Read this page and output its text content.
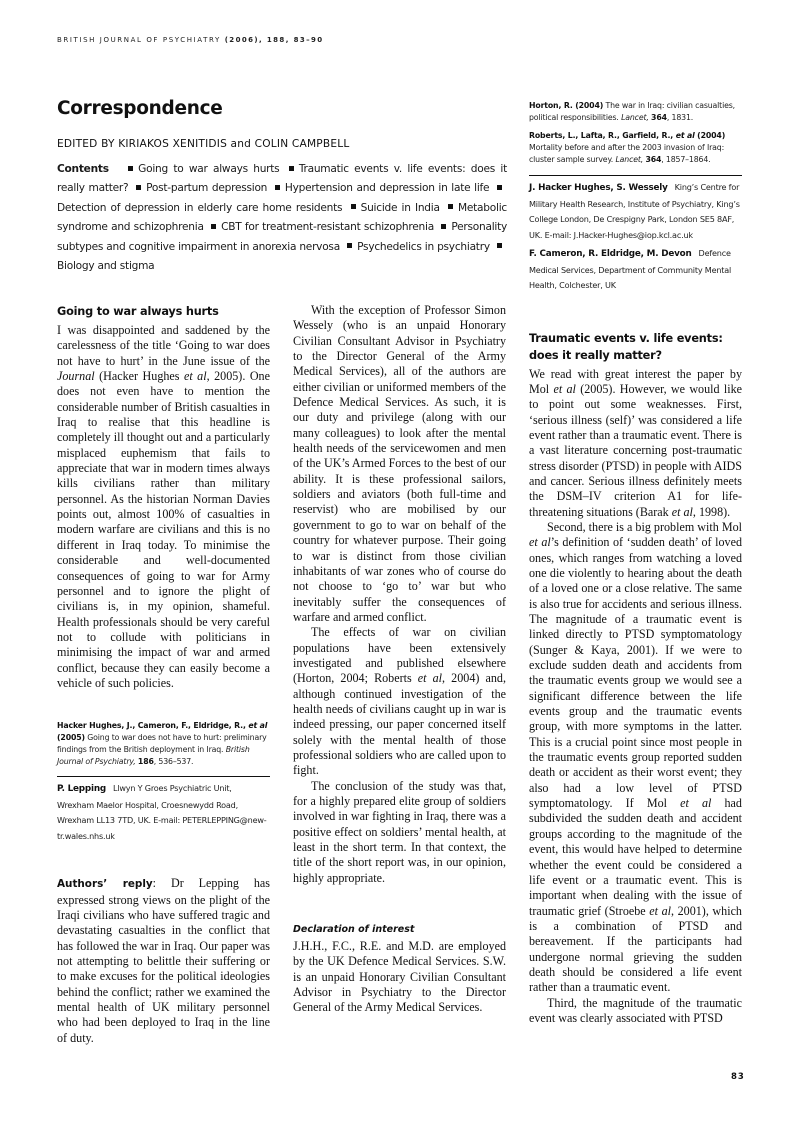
BRITISH JOURNAL OF PSYCHIATRY (2006), 188, 83–90
Correspondence
EDITED BY KIRIAKOS XENITIDIS and COLIN CAMPBELL
Contents	Going to war always hurts Traumatic events v. life events: does it really matter? Post-partum depression Hypertension and depression in late life Detection of depression in elderly care home residents Suicide in India Metabolic syndrome and schizophrenia CBT for treatment-resistant schizophrenia Personality subtypes and cognitive impairment in anorexia nervosa Psychedelics in psychiatry Biology and stigma
Going to war always hurts

I was disappointed and saddened by the carelessness of the title ‘Going to war does not have to hurt’ in the June issue of the Journal (Hacker Hughes et al, 2005). One does not even have to mention the considerable number of British casualties in Iraq to realise that this headline is completely ill thought out and a particularly misplaced euphemism that fails to appreciate that war in modern times always kills civilians rather than military personnel. As the historian Norman Davies points out, almost 100% of casualties in modern warfare are civilians and this is no different in Iraq today. To minimise the considerable and well-documented consequences of going to war for Army personnel and to ignore the plight of civilians is, in my opinion, shameful. Health professionals should be very careful not to collude with politicians in minimising the impact of war and armed conflict, because they can easily become a vehicle of such policies.

Hacker Hughes, J., Cameron, F., Eldridge, R., et al (2005) Going to war does not have to hurt: preliminary findings from the British deployment in Iraq. British Journal of Psychiatry, 186, 536–537.

P. Lepping Llwyn Y Groes Psychiatric Unit, Wrexham Maelor Hospital, Croesnewydd Road, Wrexham LL13 7TD, UK. E-mail: PETERLEPPING@new-tr.wales.nhs.uk

Authors’ reply: Dr Lepping has expressed strong views on the plight of the Iraqi civilians who have suffered tragic and devastating casualties in the conflict that has followed the war in Iraq. Our paper was not attempting to belittle their suffering or to make excuses for the political ideologies behind the conflict; rather we examined the mental health of UK military personnel who had been deployed to Iraq in the line of duty.

With the exception of Professor Simon Wessely (who is an unpaid Honorary Civilian Consultant Advisor in Psychiatry to the Director General of the Army Medical Services), all of the authors are either civilian or uniformed members of the Defence Medical Services. As such, it is our duty and privilege (along with our many colleagues) to look after the mental health needs of the servicewomen and men of the UK’s Armed Forces to the best of our ability. It is these professional sailors, soldiers and aviators (both full-time and reservist) who are mobilised by our government to go to war on behalf of the country for whatever purpose. Their going to war is distinct from those civilian inhabitants of war zones who of course do not choose to ‘go to’ war but who inevitably suffer the consequences of warfare and armed conflict.

The effects of war on civilian populations have been extensively investigated and published elsewhere (Horton, 2004; Roberts et al, 2004) and, although continued investigation of the health needs of civilians caught up in war is indeed pressing, our paper concerned itself solely with the mental health of those professional soldiers who are called upon to fight.

The conclusion of the study was that, for a highly prepared elite group of soldiers involved in war fighting in Iraq, there was a positive effect on soldiers’ mental health, at least in the short term. In that context, the title of the short report was, in our opinion, highly appropriate.

Declaration of interest

J.H.H., F.C., R.E. and M.D. are employed by the UK Defence Medical Services. S.W. is an unpaid Honorary Civilian Consultant Advisor in Psychiatry to the Director General of the Army Medical Services.

Horton, R. (2004) The war in Iraq: civilian casualties, political responsibilities. Lancet, 364, 1831.

Roberts, L., Lafta, R., Garfield, R., et al (2004) Mortality before and after the 2003 invasion of Iraq: cluster sample survey. Lancet, 364, 1857–1864.

J. Hacker Hughes, S. Wessely King’s Centre for Military Health Research, Institute of Psychiatry, King’s College London, De Crespigny Park, London SE5 8AF, UK. E-mail: J.Hacker-Hughes@iop.kcl.ac.uk

F. Cameron, R. Eldridge, M. Devon Defence Medical Services, Department of Community Mental Health, Colchester, UK

Traumatic events v. life events: does it really matter?

We read with great interest the paper by Mol et al (2005). However, we would like to point out some weaknesses. First, ‘serious illness (self)’ was considered a life event rather than a traumatic event. There is a vast literature concerning post-traumatic stress disorder (PTSD) in people with AIDS and cancer. Serious illness definitely meets the DSM–IV criterion A1 for life-threatening situations (Barak et al, 1998).

Second, there is a big problem with Mol et al’s definition of ‘sudden death’ of loved ones, which ranges from watching a loved one die violently to hearing about the death of a loved one or a close relative. The same is also true for accidents and serious illness. The magnitude of a traumatic event is linked directly to PTSD symptomatology (Sunger & Kaya, 2001). If we were to exclude sudden death and accidents from the traumatic events group we would see a significant difference between the life events group and the traumatic events group, with more symptoms in the latter. This is a crucial point since most people in the traumatic events group reported sudden death or accident as their worst event; they also had a low level of PTSD symptomatology. If Mol et al had subdivided the sudden death and accident groups according to the magnitude of the event, this would have helped to determine whether the event could be considered a life event or a traumatic event. This is important when dealing with the issue of traumatic grief (Stroebe et al, 2001), which is a combination of PTSD and bereavement. If the participants had undergone normal grieving the sudden death should be considered a life event rather than a traumatic event.

Third, the magnitude of the traumatic event was clearly associated with PTSD

83
